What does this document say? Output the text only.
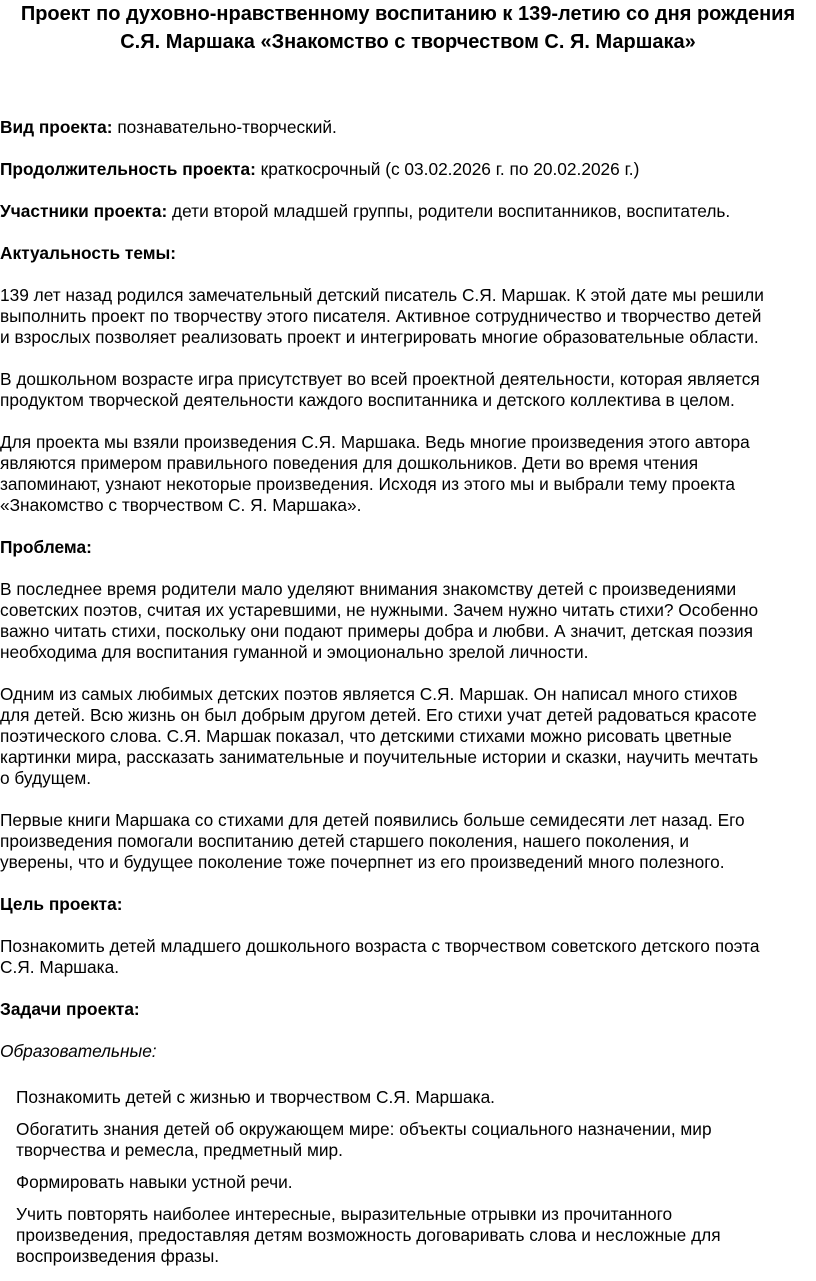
Проект по духовно-нравственному воспитанию к 139-летию со дня рождения
С.Я. Маршака «Знакомство с творчеством С. Я. Маршака»

Вид проекта: познавательно-творческий.

Продолжительность проекта: краткосрочный (с 03.02.2026 г. по 20.02.2026 г.)

Участники проекта: дети второй младшей группы, родители воспитанников, воспитатель.

Актуальность темы:

139 лет назад родился замечательный детский писатель С.Я. Маршак. К этой дате мы решили
выполнить проект по творчеству этого писателя. Активное сотрудничество и творчество детей
и взрослых позволяет реализовать проект и интегрировать многие образовательные области.

В дошкольном возрасте игра присутствует во всей проектной деятельности, которая является
продуктом творческой деятельности каждого воспитанника и детского коллектива в целом.

Для проекта мы взяли произведения С.Я. Маршака. Ведь многие произведения этого автора
являются примером правильного поведения для дошкольников. Дети во время чтения
запоминают, узнают некоторые произведения. Исходя из этого мы и выбрали тему проекта
«Знакомство с творчеством С. Я. Маршака».

Проблема:

В последнее время родители мало уделяют внимания знакомству детей с произведениями
советских поэтов, считая их устаревшими, не нужными. Зачем нужно читать стихи? Особенно
важно читать стихи, поскольку они подают примеры добра и любви. А значит, детская поэзия
необходима для воспитания гуманной и эмоционально зрелой личности.

Одним из самых любимых детских поэтов является С.Я. Маршак. Он написал много стихов
для детей. Всю жизнь он был добрым другом детей. Его стихи учат детей радоваться красоте
поэтического слова. С.Я. Маршак показал, что детскими стихами можно рисовать цветные
картинки мира, рассказать занимательные и поучительные истории и сказки, научить мечтать
о будущем.

Первые книги Маршака со стихами для детей появились больше семидесяти лет назад. Его
произведения помогали воспитанию детей старшего поколения, нашего поколения, и
уверены, что и будущее поколение тоже почерпнет из его произведений много полезного.

Цель проекта:

Познакомить детей младшего дошкольного возраста с творчеством советского детского поэта
С.Я. Маршака.

Задачи проекта:

Образовательные:

Познакомить детей с жизнью и творчеством С.Я. Маршака.

Обогатить знания детей об окружающем мире: объекты социального назначении, мир
творчества и ремесла, предметный мир.

Формировать навыки устной речи.

Учить повторять наиболее интересные, выразительные отрывки из прочитанного
произведения, предоставляя детям возможность договаривать слова и несложные для
воспроизведения фразы.
